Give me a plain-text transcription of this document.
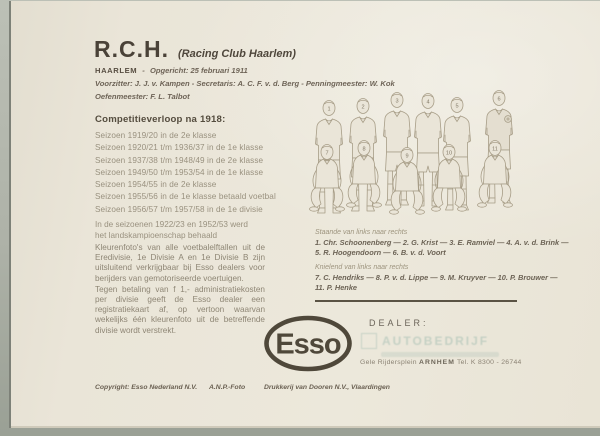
R.C.H. (Racing Club Haarlem)
HAARLEM - Opgericht: 25 februari 1911
Voorzitter: J. J. v. Kampen - Secretaris: A. C. F. v. d. Berg - Penningmeester: W. Kok
Oefenmeester: F. L. Talbot
Competitieverloop na 1918:
Seizoen 1919/20 in de 2e klasse
Seizoen 1920/21 t/m 1936/37 in de 1e klasse
Seizoen 1937/38 t/m 1948/49 in de 2e klasse
Seizoen 1949/50 t/m 1953/54 in de 1e klasse
Seizoen 1954/55 in de 2e klasse
Seizoen 1955/56 in de 1e klasse betaald voetbal
Seizoen 1956/57 t/m 1957/58 in de 1e divisie
In de seizoenen 1922/23 en 1952/53 werd het landskampioenschap behaald

Kleurenfoto's van alle voetbalelftallen uit de Eredivisie, 1e Divisie A en 1e Divisie B zijn uitsluitend verkrijgbaar bij Esso dealers voor berijders van gemotoriseerde voertuigen.

Tegen betaling van f 1,- administratiekosten per divisie geeft de Esso dealer een registratiekaart af, op vertoon waarvan wekelijks één kleurenfoto uit de betreffende divisie wordt verstrekt.

1	2
3	4
5
6
7
8
9	10
11
Staande van links naar rechts
1. Chr. Schoonenberg — 2. G. Krist — 3. E. Ramviel — 4. A. v. d. Brink —
5. R. Hoogendoorn — 6. B. v. d. Voort
Knielend van links naar rechts
7. C. Hendriks — 8. P. v. d. Lippe — 9. M. Kruyver — 10. P. Brouwer —
11. P. Henke
Esso
DEALER:
AUTOBEDRIJF
Gele Rijdersplein ARNHEM Tel. K 8300 - 26744
Copyright: Esso Nederland N.V. A.N.P.-Foto	Drukkerij van Dooren N.V., Vlaardingen
